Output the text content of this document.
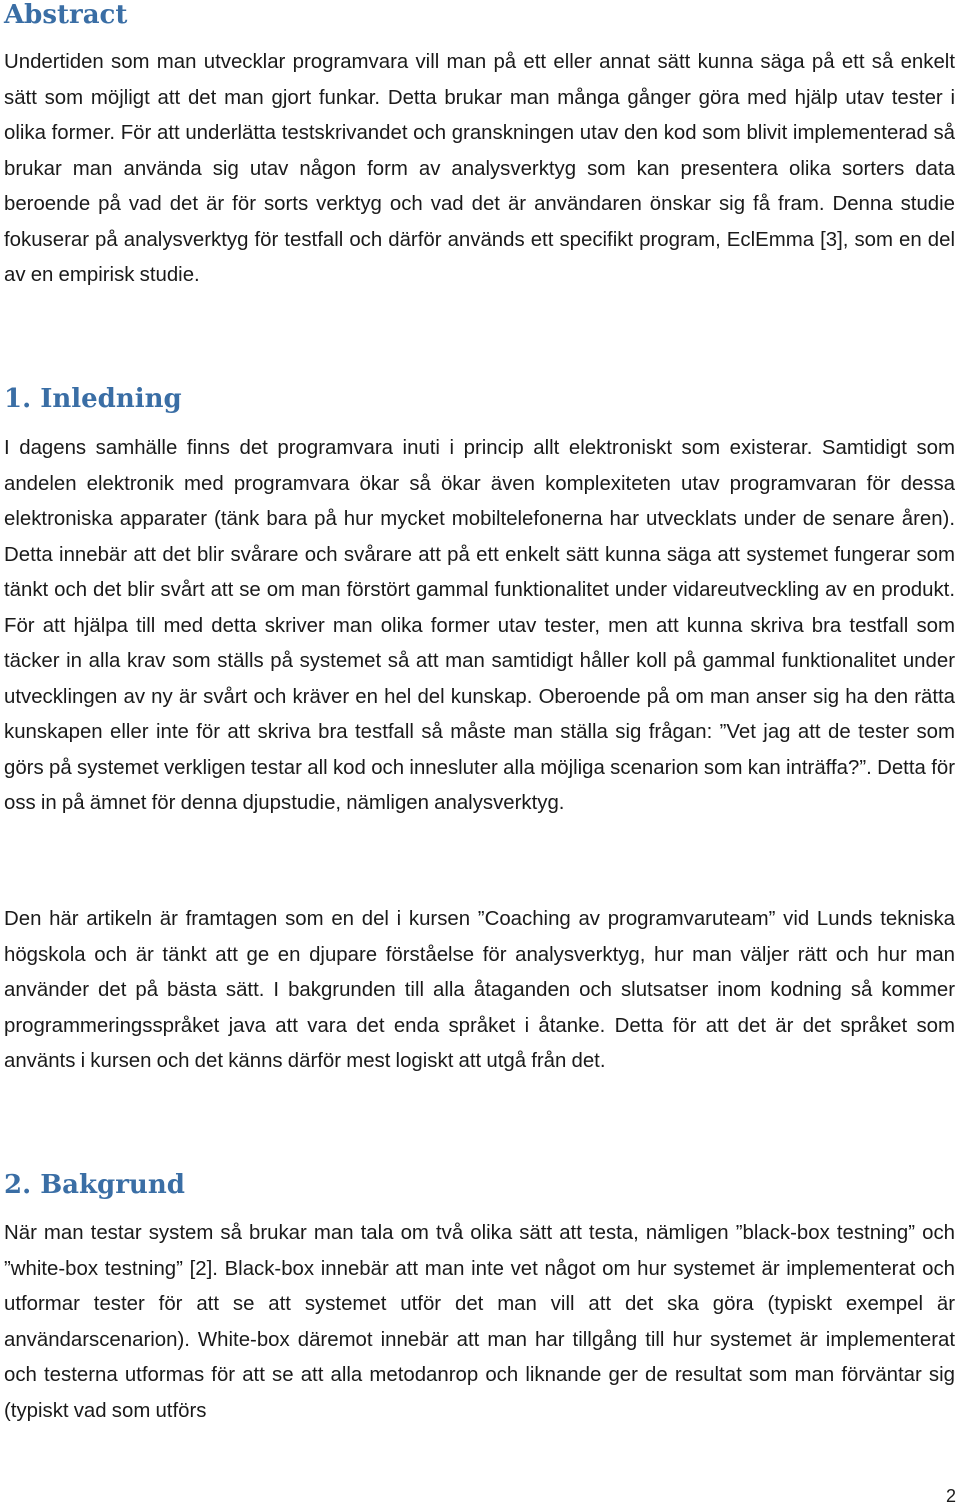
Abstract

Undertiden som man utvecklar programvara vill man på ett eller annat sätt kunna säga på ett så enkelt sätt som möjligt att det man gjort funkar. Detta brukar man många gånger göra med hjälp utav tester i olika former. För att underlätta testskrivandet och granskningen utav den kod som blivit implementerad så brukar man använda sig utav någon form av analysverktyg som kan presentera olika sorters data beroende på vad det är för sorts verktyg och vad det är användaren önskar sig få fram. Denna studie fokuserar på analysverktyg för testfall och därför används ett specifikt program, EclEmma [3], som en del av en empirisk studie.

1. Inledning

I dagens samhälle finns det programvara inuti i princip allt elektroniskt som existerar. Samtidigt som andelen elektronik med programvara ökar så ökar även komplexiteten utav programvaran för dessa elektroniska apparater (tänk bara på hur mycket mobiltelefonerna har utvecklats under de senare åren). Detta innebär att det blir svårare och svårare att på ett enkelt sätt kunna säga att systemet fungerar som tänkt och det blir svårt att se om man förstört gammal funktionalitet under vidareutveckling av en produkt. För att hjälpa till med detta skriver man olika former utav tester, men att kunna skriva bra testfall som täcker in alla krav som ställs på systemet så att man samtidigt håller koll på gammal funktionalitet under utvecklingen av ny är svårt och kräver en hel del kunskap. Oberoende på om man anser sig ha den rätta kunskapen eller inte för att skriva bra testfall så måste man ställa sig frågan: ”Vet jag att de tester som görs på systemet verkligen testar all kod och innesluter alla möjliga scenarion som kan inträffa?”. Detta för oss in på ämnet för denna djupstudie, nämligen analysverktyg.

Den här artikeln är framtagen som en del i kursen ”Coaching av programvaruteam” vid Lunds tekniska högskola och är tänkt att ge en djupare förståelse för analysverktyg, hur man väljer rätt och hur man använder det på bästa sätt. I bakgrunden till alla åtaganden och slutsatser inom kodning så kommer programmeringsspråket java att vara det enda språket i åtanke. Detta för att det är det språket som använts i kursen och det känns därför mest logiskt att utgå från det.

2. Bakgrund

När man testar system så brukar man tala om två olika sätt att testa, nämligen ”black-box testning” och ”white-box testning” [2]. Black-box innebär att man inte vet något om hur systemet är implementerat och utformar tester för att se att systemet utför det man vill att det ska göra (typiskt exempel är användarscenarion). White-box däremot innebär att man har tillgång till hur systemet är implementerat och testerna utformas för att se att alla metodanrop och liknande ger de resultat som man förväntar sig (typiskt vad som utförs

2
